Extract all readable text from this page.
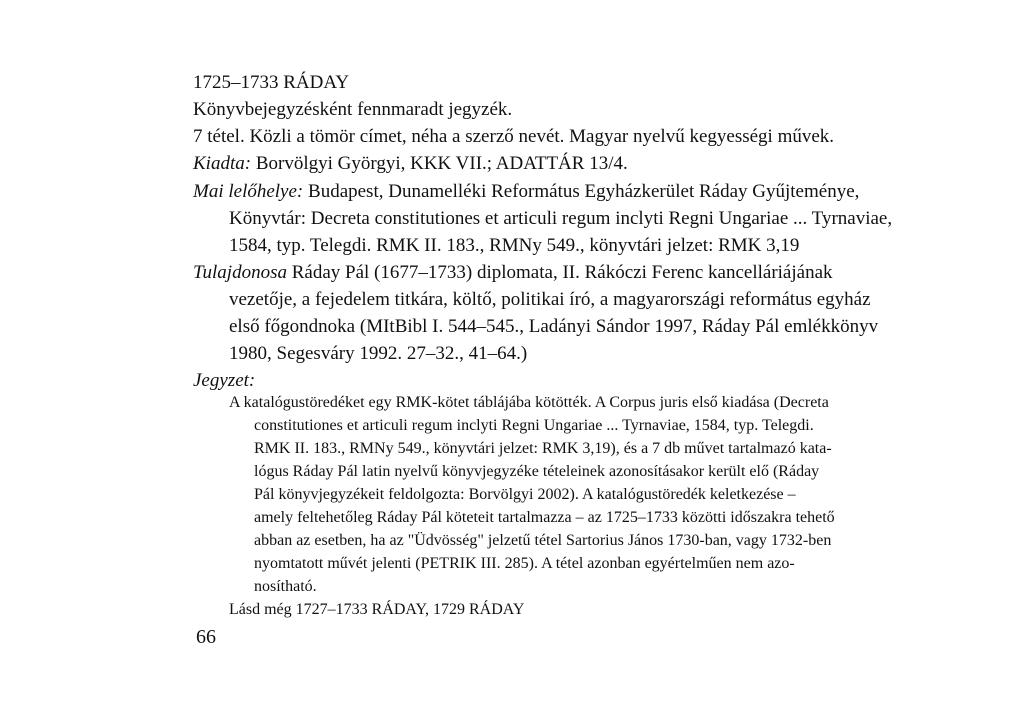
1725–1733 RÁDAY
Könyvbejegyzésként fennmaradt jegyzék.
7 tétel. Közli a tömör címet, néha a szerző nevét. Magyar nyelvű kegyességi művek.
Kiadta: Borvölgyi Györgyi, KKK VII.; ADATTÁR 13/4.
Mai lelőhelye: Budapest, Dunamelléki Református Egyházkerület Ráday Gyűjteménye,
Könyvtár: Decreta constitutiones et articuli regum inclyti Regni Ungariae ... Tyrnaviae,
1584, typ. Telegdi. RMK II. 183., RMNy 549., könyvtári jelzet: RMK 3,19
Tulajdonosa Ráday Pál (1677–1733) diplomata, II. Rákóczi Ferenc kancelláriájának
vezetője, a fejedelem titkára, költő, politikai író, a magyarországi református egyház
első főgondnoka (MItBibl I. 544–545., Ladányi Sándor 1997, Ráday Pál emlékkönyv
1980, Segesváry 1992. 27–32., 41–64.)
Jegyzet:
A katalógustöredéket egy RMK-kötet táblájába kötötték. A Corpus juris első kiadása (Decreta
constitutiones et articuli regum inclyti Regni Ungariae ... Tyrnaviae, 1584, typ. Telegdi.
RMK II. 183., RMNy 549., könyvtári jelzet: RMK 3,19), és a 7 db művet tartalmazó kata-
lógus Ráday Pál latin nyelvű könyvjegyzéke tételeinek azonosításakor került elő (Ráday
Pál könyvjegyzékeit feldolgozta: Borvölgyi 2002). A katalógustöredék keletkezése –
amely feltehetőleg Ráday Pál köteteit tartalmazza – az 1725–1733 közötti időszakra tehető
abban az esetben, ha az "Üdvösség" jelzetű tétel Sartorius János 1730-ban, vagy 1732-ben
nyomtatott művét jelenti (PETRIK III. 285). A tétel azonban egyértelműen nem azo-
nosítható.
Lásd még 1727–1733 RÁDAY, 1729 RÁDAY
66
